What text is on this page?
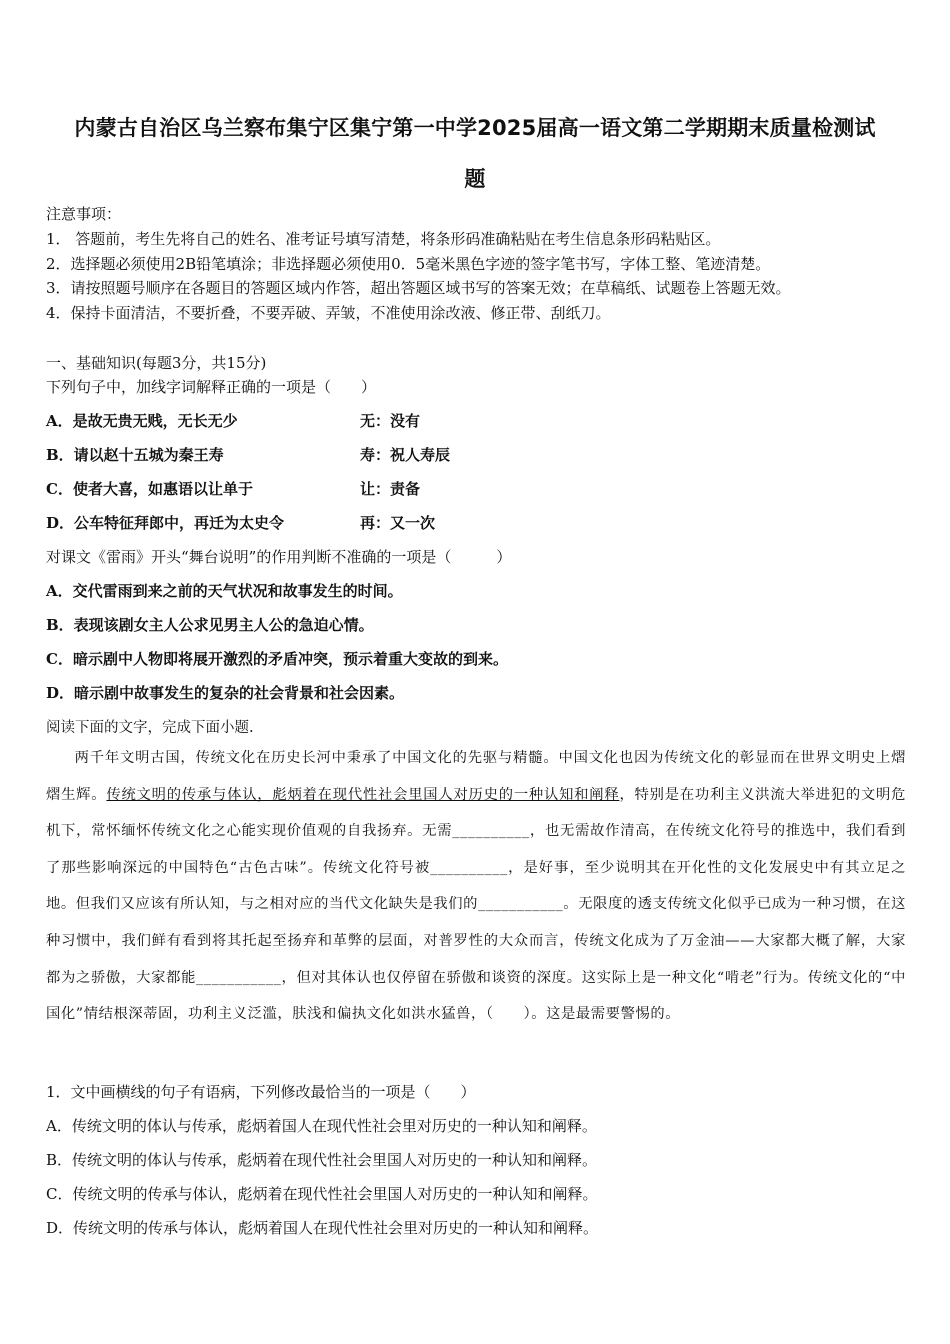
内蒙古自治区乌兰察布集宁区集宁第一中学2025届高一语文第二学期期末质量检测试
题
注意事项：
1． 答题前，考生先将自己的姓名、准考证号填写清楚，将条形码准确粘贴在考生信息条形码粘贴区。
2．选择题必须使用2B铅笔填涂；非选择题必须使用0．5毫米黑色字迹的签字笔书写，字体工整、笔迹清楚。
3．请按照题号顺序在各题目的答题区域内作答，超出答题区域书写的答案无效；在草稿纸、试题卷上答题无效。
4．保持卡面清洁，不要折叠，不要弄破、弄皱，不准使用涂改液、修正带、刮纸刀。
一、基础知识(每题3分，共15分)
下列句子中，加线字词解释正确的一项是（　　）
A．是故无贵无贱，无长无少	无：没有
B．请以赵十五城为秦王寿	寿：祝人寿辰
C．使者大喜，如惠语以让单于	让：责备
D．公车特征拜郎中，再迁为太史令	再：又一次
对课文《雷雨》开头“舞台说明”的作用判断不准确的一项是（　　　）
A．交代雷雨到来之前的天气状况和故事发生的时间。
B．表现该剧女主人公求见男主人公的急迫心情。
C．暗示剧中人物即将展开激烈的矛盾冲突，预示着重大变故的到来。
D．暗示剧中故事发生的复杂的社会背景和社会因素。
阅读下面的文字，完成下面小题.
两千年文明古国，传统文化在历史长河中秉承了中国文化的先驱与精髓。中国文化也因为传统文化的彰显而在世界文明史上熠熠生辉。传统文明的传承与体认，彪炳着在现代性社会里国人对历史的一种认知和阐释，特别是在功利主义洪流大举进犯的文明危机下，常怀缅怀传统文化之心能实现价值观的自我扬弃。无需__________，也无需故作清高，在传统文化符号的推选中，我们看到了那些影响深远的中国特色“古色古味”。传统文化符号被__________，是好事，至少说明其在开化性的文化发展史中有其立足之地。但我们又应该有所认知，与之相对应的当代文化缺失是我们的___________。无限度的透支传统文化似乎已成为一种习惯，在这种习惯中，我们鲜有看到将其托起至扬弃和革弊的层面，对普罗性的大众而言，传统文化成为了万金油——大家都大概了解，大家都为之骄傲，大家都能___________，但对其体认也仅停留在骄傲和谈资的深度。这实际上是一种文化“啃老”行为。传统文化的“中国化”情结根深蒂固，功利主义泛滥，肤浅和偏执文化如洪水猛兽，（　　）。这是最需要警惕的。
1．文中画横线的句子有语病，下列修改最恰当的一项是（　　）
A．传统文明的体认与传承，彪炳着国人在现代性社会里对历史的一种认知和阐释。
B．传统文明的体认与传承，彪炳着在现代性社会里国人对历史的一种认知和阐释。
C．传统文明的传承与体认，彪炳着在现代性社会里国人对历史的一种认知和阐释。
D．传统文明的传承与体认，彪炳着国人在现代性社会里对历史的一种认知和阐释。
